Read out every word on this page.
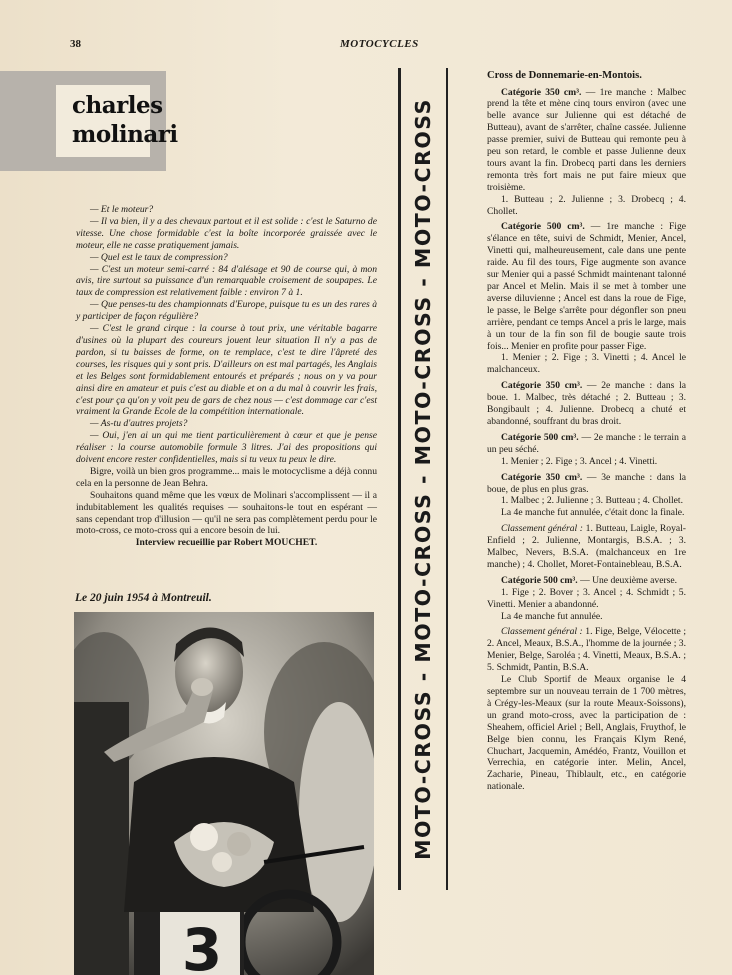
38	MOTOCYCLES
charles
molinari

— Et le moteur?

— Il va bien, il y a des chevaux partout et il est solide : c'est le Saturno de vitesse. Une chose formidable c'est la boîte incorporée graissée avec le moteur, elle ne casse pratiquement jamais.

— Quel est le taux de compression?

— C'est un moteur semi-carré : 84 d'alésage et 90 de course qui, à mon avis, tire surtout sa puissance d'un remarquable croisement de soupapes. Le taux de compression est relativement faible : environ 7 à 1.

— Que penses-tu des championnats d'Europe, puisque tu es un des rares à y participer de façon régulière?

— C'est le grand cirque : la course à tout prix, une véritable bagarre d'usines où la plupart des coureurs jouent leur situation Il n'y a pas de pardon, si tu baisses de forme, on te remplace, c'est te dire l'âpreté des courses, les risques qui y sont pris. D'ailleurs on est mal partagés, les Anglais et les Belges sont formidablement entourés et préparés ; nous on y va pour ainsi dire en amateur et puis c'est au diable et on a du mal à couvrir les frais, c'est pour ça qu'on y voit peu de gars de chez nous — c'est dommage car c'est vraiment la Grande Ecole de la compétition internationale.

— As-tu d'autres projets?

— Oui, j'en ai un qui me tient particulièrement à cœur et que je pense réaliser : la course automobile formule 3 litres. J'ai des propositions qui doivent encore rester confidentielles, mais si tu veux tu peux le dire.

Bigre, voilà un bien gros programme... mais le motocyclisme a déjà connu cela en la personne de Jean Behra.

Souhaitons quand même que les vœux de Molinari s'accomplissent — il a indubitablement les qualités requises — souhaitons-le tout en espérant — sans cependant trop d'illusion — qu'il ne sera pas complètement perdu pour le moto-cross, ce moto-cross qui a encore besoin de lui.

Interview recueillie par Robert MOUCHET.

Le 20 juin 1954 à Montreuil.
3
MOTO-CROSS - MOTO-CROSS - MOTO-CROSS - MOTO-CROSS

Cross de Donnemarie-en-Montois.

Catégorie 350 cm³. — 1re manche : Malbec prend la tête et mène cinq tours environ (avec une belle avance sur Julienne qui est détaché de Butteau), avant de s'arrêter, chaîne cassée. Julienne passe premier, suivi de Butteau qui remonte peu à peu son retard, le comble et passe Julienne deux tours avant la fin. Drobecq parti dans les derniers remonta très fort mais ne put faire mieux que troisième.

1. Butteau ; 2. Julienne ; 3. Drobecq ; 4. Chollet.

Catégorie 500 cm³. — 1re manche : Fige s'élance en tête, suivi de Schmidt, Menier, Ancel, Vinetti qui, malheureusement, cale dans une pente raide. Au fil des tours, Fige augmente son avance sur Menier qui a passé Schmidt maintenant talonné par Ancel et Melin. Mais il se met à tomber une averse diluvienne ; Ancel est dans la roue de Fige, le passe, le Belge s'arrête pour dégonfler son pneu arrière, pendant ce temps Ancel a pris le large, mais à un tour de la fin son fil de bougie saute trois fois... Menier en profite pour passer Fige.

1. Menier ; 2. Fige ; 3. Vinetti ; 4. Ancel le malchanceux.

Catégorie 350 cm³. — 2e manche : dans la boue. 1. Malbec, très détaché ; 2. Butteau ; 3. Bongibault ; 4. Julienne. Drobecq a chuté et abandonné, souffrant du bras droit.

Catégorie 500 cm³. — 2e manche : le terrain a un peu séché.

1. Menier ; 2. Fige ; 3. Ancel ; 4. Vinetti.

Catégorie 350 cm³. — 3e manche : dans la boue, de plus en plus gras.

1. Malbec ; 2. Julienne ; 3. Butteau ; 4. Chollet.

La 4e manche fut annulée, c'était donc la finale.

Classement général : 1. Butteau, Laigle, Royal-Enfield ; 2. Julienne, Montargis, B.S.A. ; 3. Malbec, Nevers, B.S.A. (malchanceux en 1re manche) ; 4. Chollet, Moret-Fontainebleau, B.S.A.

Catégorie 500 cm³. — Une deuxième averse.

1. Fige ; 2. Bover ; 3. Ancel ; 4. Schmidt ; 5. Vinetti. Menier a abandonné.

La 4e manche fut annulée.

Classement général : 1. Fige, Belge, Vélocette ; 2. Ancel, Meaux, B.S.A., l'homme de la journée ; 3. Menier, Belge, Saroléa ; 4. Vinetti, Meaux, B.S.A. ; 5. Schmidt, Pantin, B.S.A.

Le Club Sportif de Meaux organise le 4 septembre sur un nouveau terrain de 1 700 mètres, à Crégy-les-Meaux (sur la route Meaux-Soissons), un grand moto-cross, avec la participation de : Sheahem, officiel Ariel ; Bell, Anglais, Fruythof, le Belge bien connu, les Français Klym René, Chuchart, Jacquemin, Amédéo, Frantz, Vouillon et Verrechia, en catégorie inter. Melin, Ancel, Zacharie, Pineau, Thiblault, etc., en catégorie nationale.
